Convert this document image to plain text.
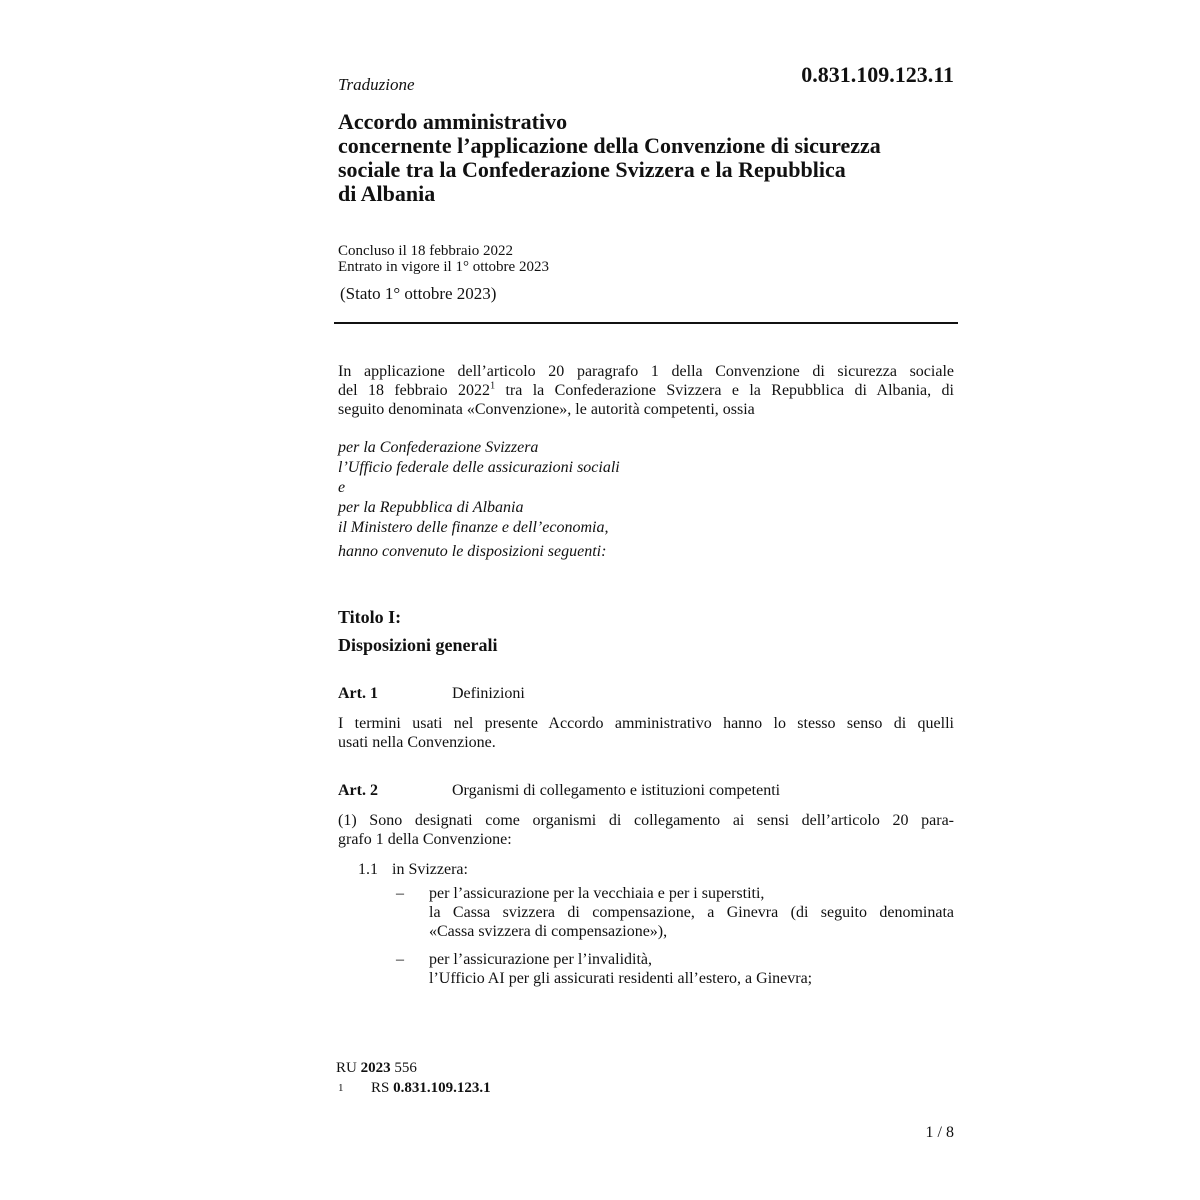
Traduzione	0.831.109.123.11

Accordo amministrativo
concernente l’applicazione della Convenzione di sicurezza
sociale tra la Confederazione Svizzera e la Repubblica
di Albania
Concluso il 18 febbraio 2022
Entrato in vigore il 1° ottobre 2023

(Stato 1° ottobre 2023)

In applicazione dell’articolo 20 paragrafo 1 della Convenzione di sicurezza sociale
del 18 febbraio 2022$^1$ tra la Confederazione Svizzera e la Repubblica di Albania, di
seguito denominata «Convenzione», le autorità competenti, ossia
per la Confederazione Svizzera
l’Ufficio federale delle assicurazioni sociali
e
per la Repubblica di Albania
il Ministero delle finanze e dell’economia,
hanno convenuto le disposizioni seguenti:

Titolo I:

Disposizioni generali

Art. 1	Definizioni
I termini usati nel presente Accordo amministrativo hanno lo stesso senso di quelli
usati nella Convenzione.
Art. 2	Organismi di collegamento e istituzioni competenti
(1) Sono designati come organismi di collegamento ai sensi dell’articolo 20 para-
grafo 1 della Convenzione:
1.1 in Svizzera:
– per l’assicurazione per la vecchiaia e per i superstiti,
la Cassa svizzera di compensazione, a Ginevra (di seguito denominata
«Cassa svizzera di compensazione»),
– per l’assicurazione per l’invalidità,
l’Ufficio AI per gli assicurati residenti all’estero, a Ginevra;
RU 2023 556
1 RS 0.831.109.123.1

1 / 8
